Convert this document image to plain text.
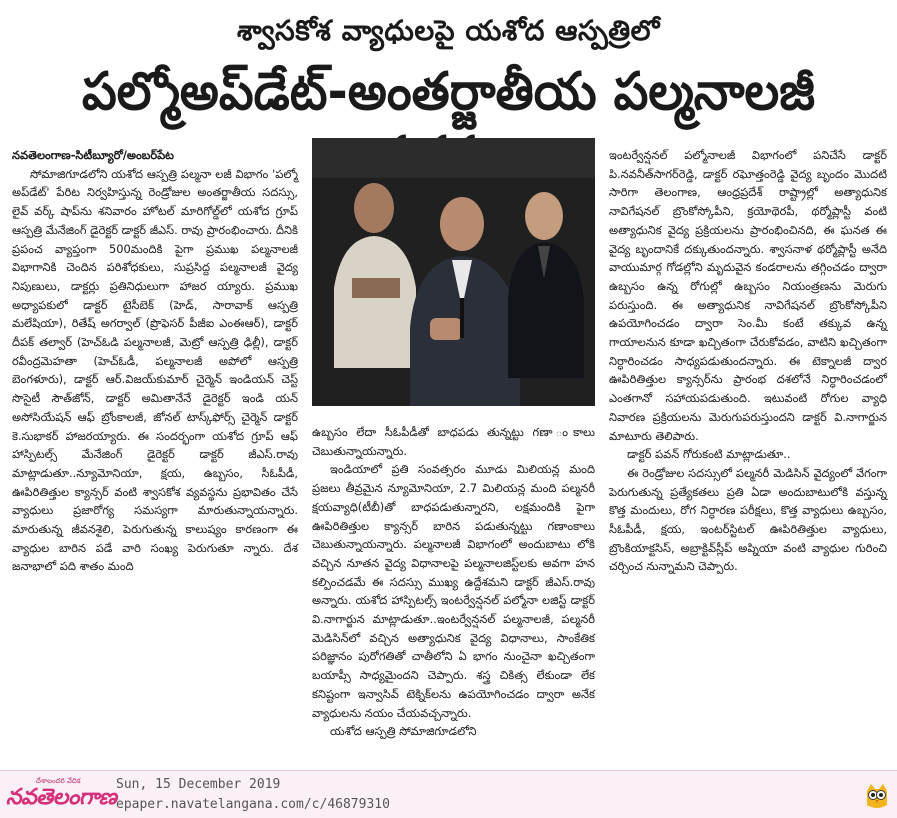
శ్వాసకోశ వ్యాధులపై యశోద ఆస్పత్రిలో
పల్మోఅప్‌డేట్-అంతర్జాతీయ పల్మనాలజీ

నవతెలంగాణ-సిటీబ్యూరో/అంబర్‌పేట

సోమాజిగూడలోని యశోద ఆస్పత్రి పల్మనా లజీ విభాగం 'పల్మో అప్‌డేట్' పేరిట నిర్వహిస్తున్న రెండ్రోజుల అంతర్జాతీయ సదస్సు, లైవ్ వర్క్ షాప్‌ను శనివారం హోటల్ మారిగోల్డ్‌లో యశోద గ్రూప్ ఆస్పత్రి మేనేజింగ్ డైరెక్టర్ డాక్టర్ జీఎస్. రావు ప్రారంభించారు. దీనికి ప్రపంచ వ్యాప్తంగా 500మందికి పైగా ప్రముఖ పల్మనాలజీ విభాగానికి చెందిన పరిశోధకులు, సుప్రసిద్ద పల్మనాలజీ వైద్య నిపుణులు, డాక్టర్లు ప్రతినిధులుగా హాజర య్యారు. ప్రముఖ అధ్యాపకులో డాక్టర్ టైసీబెక్ (హెడ్, సారావాక్ ఆస్పత్రి మలేషియా), రితేష్ అగర్వాల్ (ప్రొఫెసర్ పీజీఐ ఎంఈఆర్), డాక్టర్ దీపక్ తల్వార్ (హెచ్‌ఓడి పల్మనాలజీ, మెట్రో ఆస్పత్రి ఢిల్లీ), డాక్టర్ రవీంద్రమెహతా (హెచ్‌ఓడీ, పల్మనాలజీ అపోలో ఆస్పత్రి బెంగళూరు), డాక్టర్ ఆర్.విజయ్‌కుమార్ చైర్మెన్ ఇండియన్ చెస్ట్ సొసైటీ సౌత్‌జోన్, డాక్టర్ అమితానేనే డైరెక్టర్ ఇండి యన్ అసోసియేషన్ ఆఫ్ బ్రోంకాలజీ, జోనల్ టాస్క్‌ఫోర్స్ చైర్మెన్ డాక్టర్ కె.సుభాకర్ హాజరయ్యారు. ఈ సందర్భంగా యశోద గ్రూప్ ఆఫ్ హాస్పిటల్స్ మేనేజింగ్ డైరెక్టర్ డాక్టర్ జీఎస్.రావు మాట్లాడుతూ..న్యూమోనియా, క్షయ, ఉబ్బసం, సీఓపీడీ, ఊపిరితిత్తుల క్యాన్సర్ వంటి శ్వాసకోశ వ్యవస్థను ప్రభావితం చేసే వ్యాధులు ప్రజారోగ్య సమస్యగా మారుతున్నాయన్నారు. మారుతున్న జీవనశైలి, పెరుగుతున్న కాలుష్యం కారణంగా ఈ వ్యాధుల బారిన పడే వారి సంఖ్య పెరుగుతూ న్నారు. దేశ జనాభాలో పది శాతం మంది

ఉబ్బసం లేదా సీఓపీడీతో బాధపడు తున్నట్టు గణా ంకాలు చెబుతున్నాయన్నారు.

ఇండియాలో ప్రతి సంవత్సరం మూడు మిలియన్ల మంది ప్రజలు తీవ్రమైన న్యూమోనియా, 2.7 మిలియన్ల మంది పల్మనరీ క్షయవ్యాధి(టీబీ)తో బాధపడుతున్నారని, లక్షమందికి పైగా ఊపిరితిత్తుల క్యాన్సర్ బారిన పడుతున్నట్టు గణాంకాలు చెబుతున్నాయన్నారు. పల్మనాలజీ విభాగంలో అందుబాటు లోకి వచ్చిన నూతన వైద్య విధానాలపై పల్మనాలజిస్ట్‌లకు అవగా హన కల్పించడమే ఈ సదస్సు ముఖ్య ఉద్దేశమని డాక్టర్ జీఎస్.రావు అన్నారు. యశోద హాస్పిటల్స్ ఇంటర్వేన్షనల్ పల్మోనా లజిస్ట్ డాక్టర్ వి.నాగార్జున మాట్లాడుతూ..ఇంటర్వేన్షనల్ పల్మనాలజీ, పల్మనరీ మెడిసిన్‌లో వచ్చిన అత్యాధునిక వైద్య విధానాలు, సాంకేతిక పరిజ్ఞానం పురోగతితో చాతీలోని ఏ భాగం నుంచైనా ఖచ్చితంగా బయాప్సీ సాధ్యమైందని చెప్పారు. శస్త్ర చికిత్స లేకుండా లేక కనిష్టంగా ఇన్వాసివ్ టెక్నిక్‌లను ఉపయోగించడం ద్వారా అనేక వ్యాధులను నయం చేయవచ్చన్నారు.

యశోద ఆస్పత్రి సోమాజిగూడలోని

ఇంటర్వేన్షనల్ పల్మోనాలజీ విభాగంలో పనిచేసే డాక్టర్ పి.నవనీత్‌సాగర్‌రెడ్డి, డాక్టర్ రఘోత్తంరెడ్డి వైద్య బృందం మొదటి సారిగా తెలంగాణ, ఆంధ్రప్రదేశ్ రాష్ట్రాల్లో అత్యాధునిక నావిగేషనల్ బ్రొంకోస్కోపీని, క్రయోథెరపీ, థర్మోప్లాస్టీ వంటి అత్యాధునిక వైద్య ప్రక్రియలను ప్రారంభించినది, ఈ ఘనత ఈ వైద్య బృందానికే దక్కుతుందన్నారు. శ్వాసనాళ థర్మోప్లాస్టీ అనేది వాయుమార్గ గోడల్లోని మృదువైన కండరాలను తగ్గించడం ద్వారా ఉబ్బసం ఉన్న రోగుల్లో ఉబ్బసం నియంత్రణను మెరుగు పరుస్తుంది. ఈ అత్యాధునిక నావిగేషనల్ బ్రొంకోస్కోపీని ఉపయోగించడం ద్వారా సెం.మీ కంటే తక్కువ ఉన్న గాయాలనున కూడా ఖచ్చితంగా చేరుకోవడం, వాటిని ఖచ్చితంగా నిర్ధారించడం సాధ్యపడుతుందన్నారు. ఈ టెక్నాలజీ ద్వార ఊపిరితిత్తుల క్యాన్సర్‌ను ప్రారంభ దశలోనే నిర్ధారించడంలో ఎంతగానో సహాయపడుతుంది. ఇటువంటి రోగుల వ్యాధి నివారణ ప్రక్రియలను మెరుగుపరుస్తుందని డాక్టర్ వి.నాగార్జున మాటూరు తెలిపారు.

డాక్టర్ పవన్ గోరుకంటి మాట్లాడుతూ..

ఈ రెండ్రోజుల సదస్సులో పల్మనరీ మెడిసిన్ వైద్యంలో వేగంగా పెరుగుతున్న ప్రత్యేకతలు ప్రతి ఏడా అందుబాటులోకి వస్తున్న కొత్త మందులు, రోగ నిర్ధారణ పరీక్షలు, కొత్త వ్యాధులు ఉబ్బసం, సీఓపీడీ, క్షయ, ఇంటర్‌స్టిటల్ ఊపిరితిత్తుల వ్యాధులు, బ్రొంకియాక్టసిస్, అబ్రాక్టివ్‌స్లీప్ అప్నియా వంటి వ్యాధుల గురించి చర్చించ నున్నామని చెప్పారు.

దేశాలందరి వేదిక
నవతెలంగాణ
Sun, 15 December 2019
epaper.navatelangana.com/c/46879310
